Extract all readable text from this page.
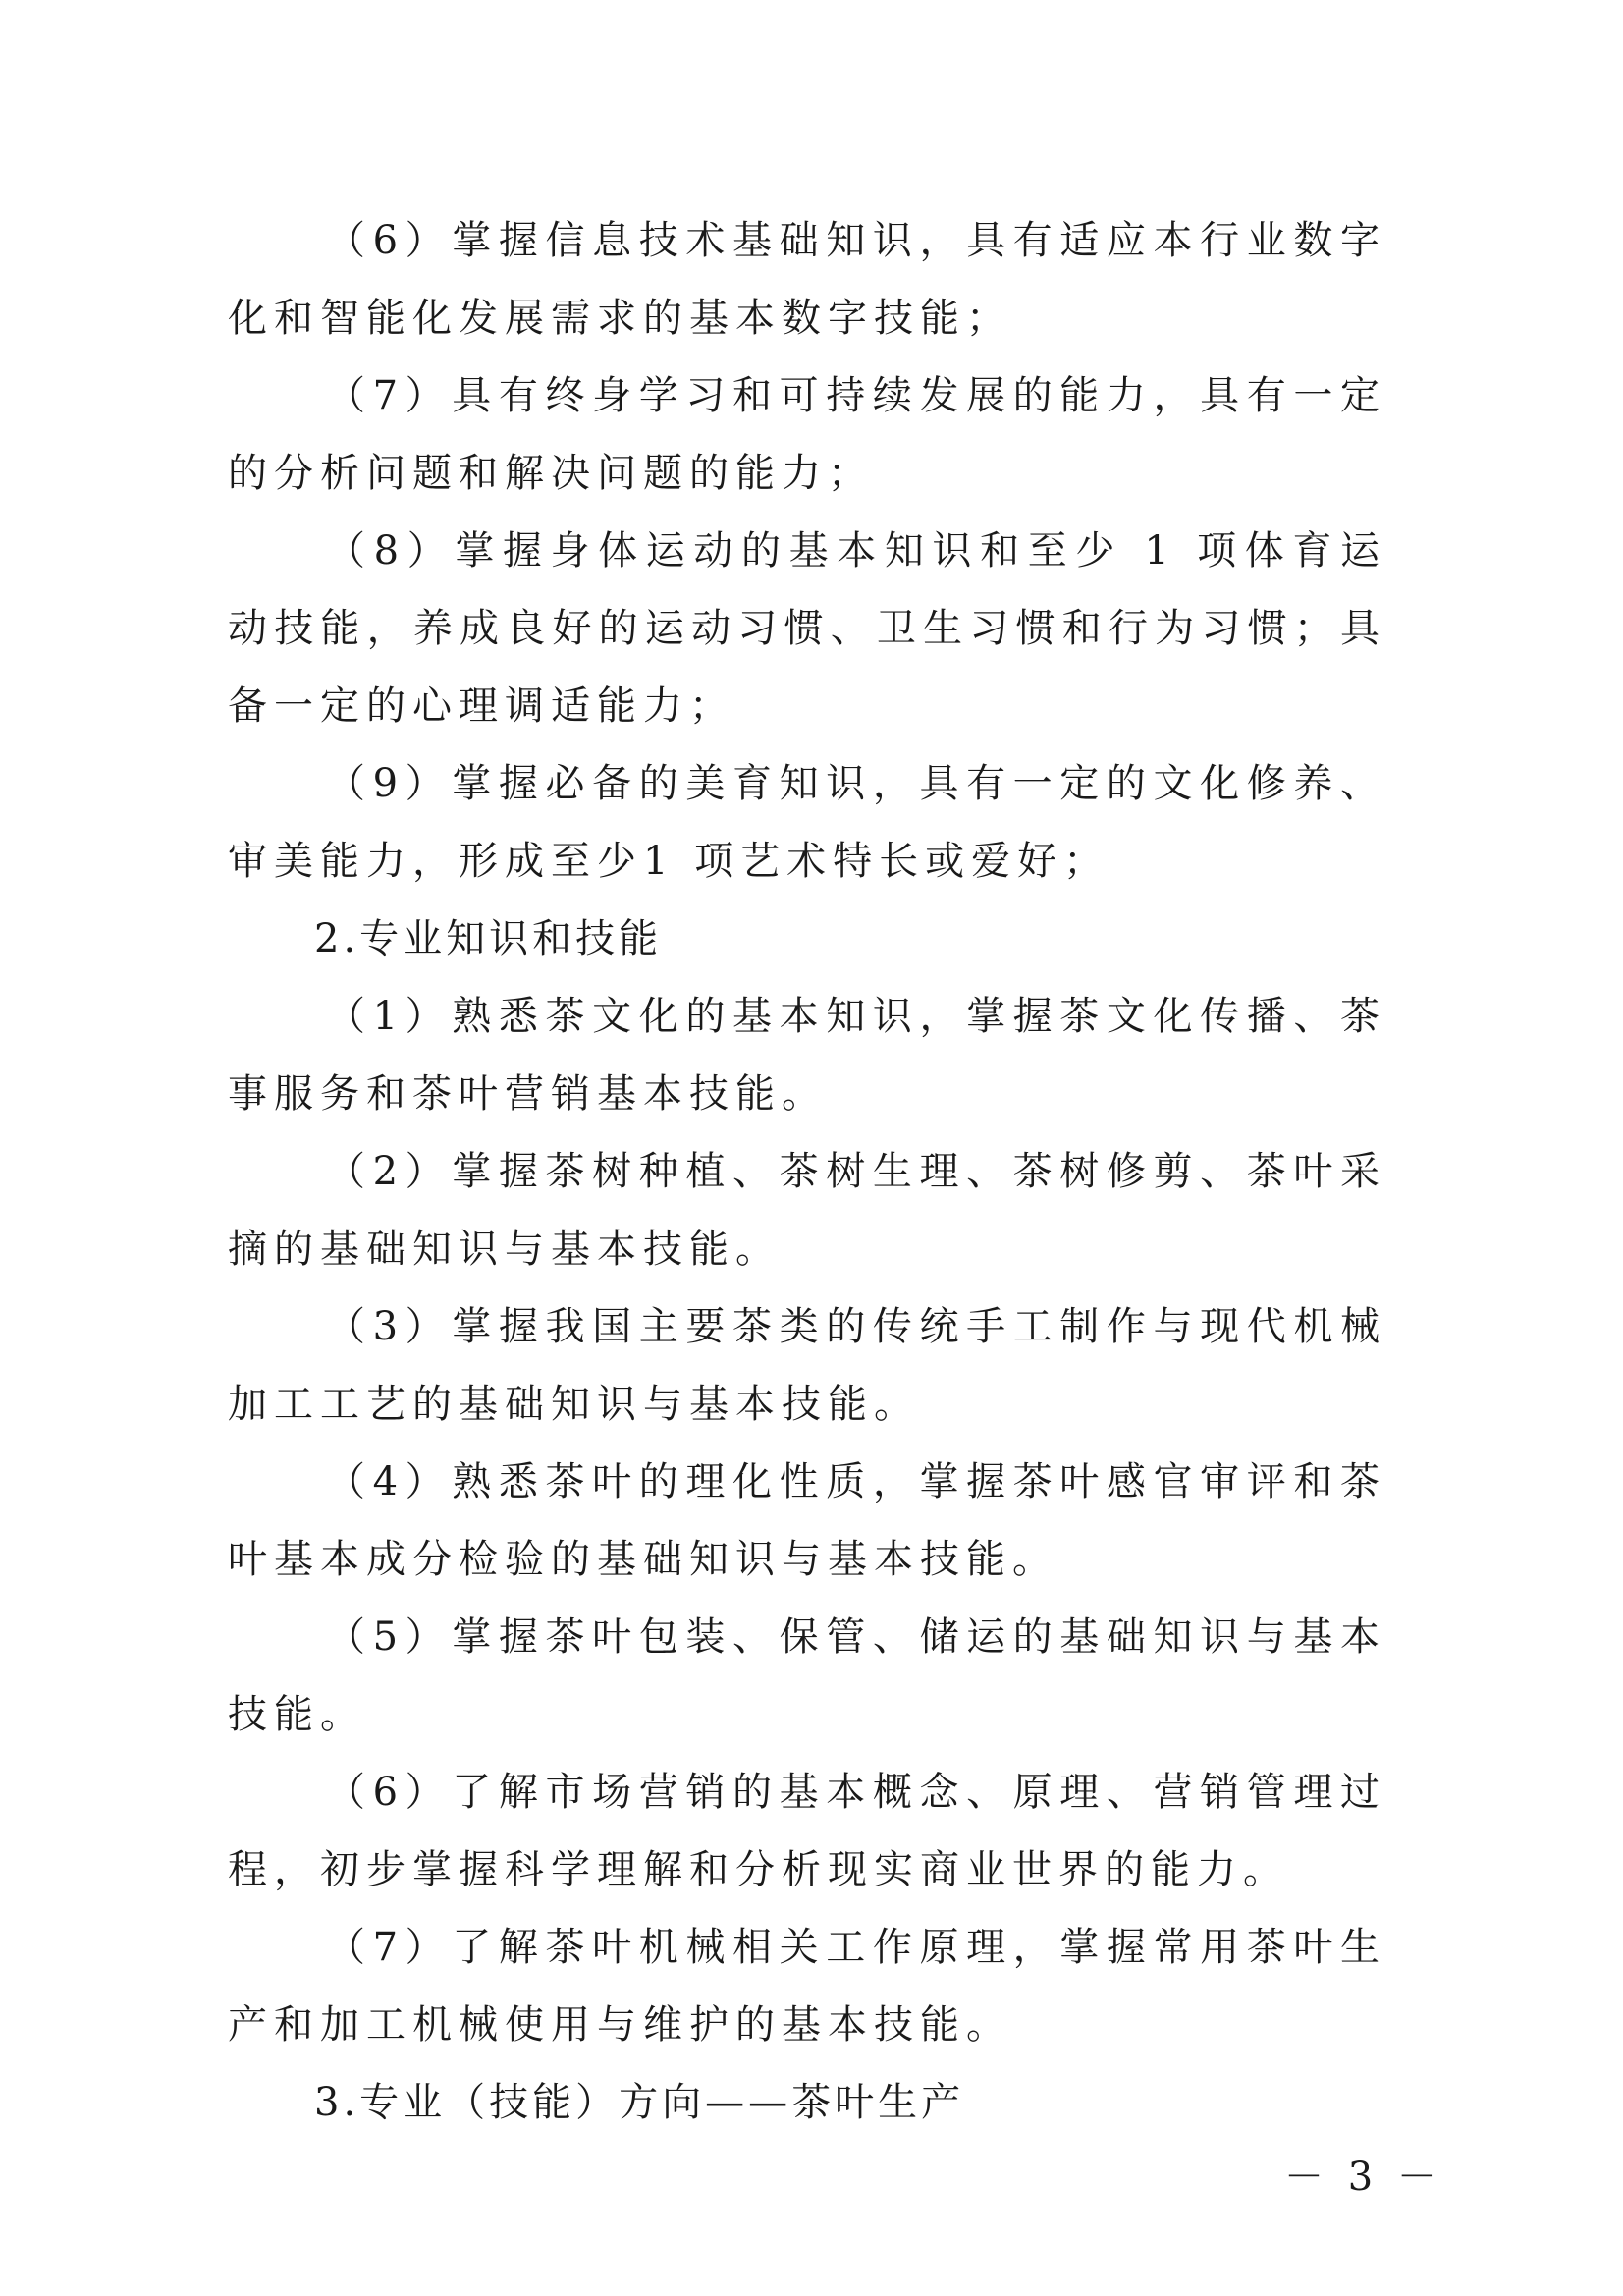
（6）掌握信息技术基础知识，具有适应本行业数字化和智能化发展需求的基本数字技能；

（7）具有终身学习和可持续发展的能力，具有一定的分析问题和解决问题的能力；

（8）掌握身体运动的基本知识和至少 1 项体育运动技能，养成良好的运动习惯、卫生习惯和行为习惯；具备一定的心理调适能力；

（9）掌握必备的美育知识，具有一定的文化修养、审美能力，形成至少1 项艺术特长或爱好；

2.专业知识和技能

（1）熟悉茶文化的基本知识，掌握茶文化传播、茶事服务和茶叶营销基本技能。

（2）掌握茶树种植、茶树生理、茶树修剪、茶叶采摘的基础知识与基本技能。

（3）掌握我国主要茶类的传统手工制作与现代机械加工工艺的基础知识与基本技能。

（4）熟悉茶叶的理化性质，掌握茶叶感官审评和茶叶基本成分检验的基础知识与基本技能。

（5）掌握茶叶包装、保管、储运的基础知识与基本技能。

（6）了解市场营销的基本概念、原理、营销管理过程，初步掌握科学理解和分析现实商业世界的能力。

（7）了解茶叶机械相关工作原理，掌握常用茶叶生产和加工机械使用与维护的基本技能。

3.专业（技能）方向——茶叶生产

－ 3 －
